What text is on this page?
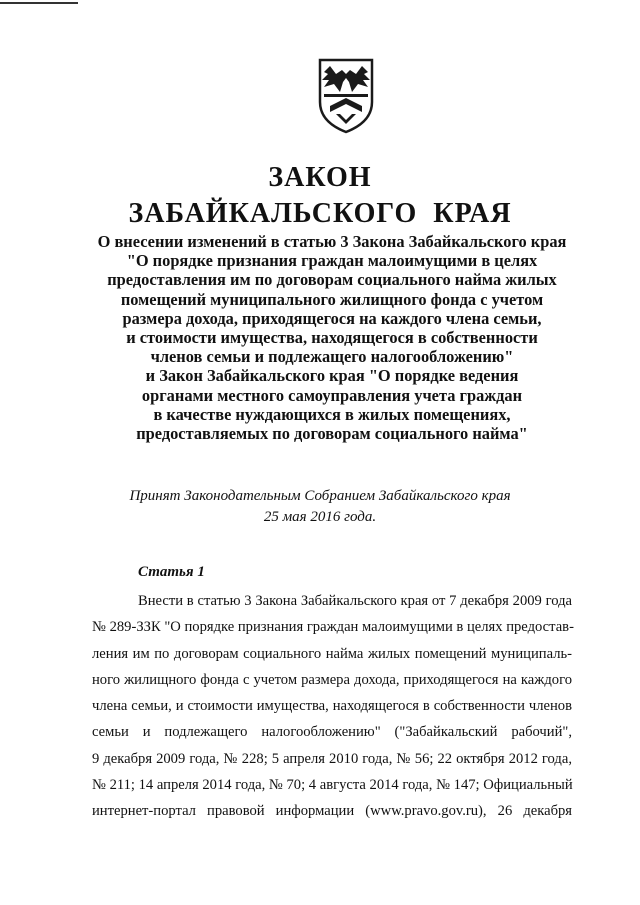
ЗАКОН
ЗАБАЙКАЛЬСКОГО  КРАЯ
О внесении изменений в статью 3 Закона Забайкальского края
"О порядке признания граждан малоимущими в целях
предоставления им по договорам социального найма жилых
помещений муниципального жилищного фонда с учетом
размера дохода, приходящегося на каждого члена семьи,
и стоимости имущества, находящегося в собственности
членов семьи и подлежащего налогообложению"
и Закон Забайкальского края "О порядке ведения
органами местного самоуправления учета граждан
в качестве нуждающихся в жилых помещениях,
предоставляемых по договорам социального найма"
Принят Законодательным Собранием Забайкальского края
25 мая 2016 года.
Статья 1
Внести в статью 3 Закона Забайкальского края от 7 декабря 2009 года
№ 289-ЗЗК "О порядке признания граждан малоимущими в целях предостав-
ления им по договорам социального найма жилых помещений муниципаль-
ного жилищного фонда с учетом размера дохода, приходящегося на каждого
члена семьи, и стоимости имущества, находящегося в собственности членов
семьи и подлежащего налогообложению" ("Забайкальский рабочий",
9 декабря 2009 года, № 228; 5 апреля 2010 года, № 56; 22 октября 2012 года,
№ 211; 14 апреля 2014 года, № 70; 4 августа 2014 года, № 147; Официальный
интернет-портал правовой информации (www.pravo.gov.ru), 26 декабря
